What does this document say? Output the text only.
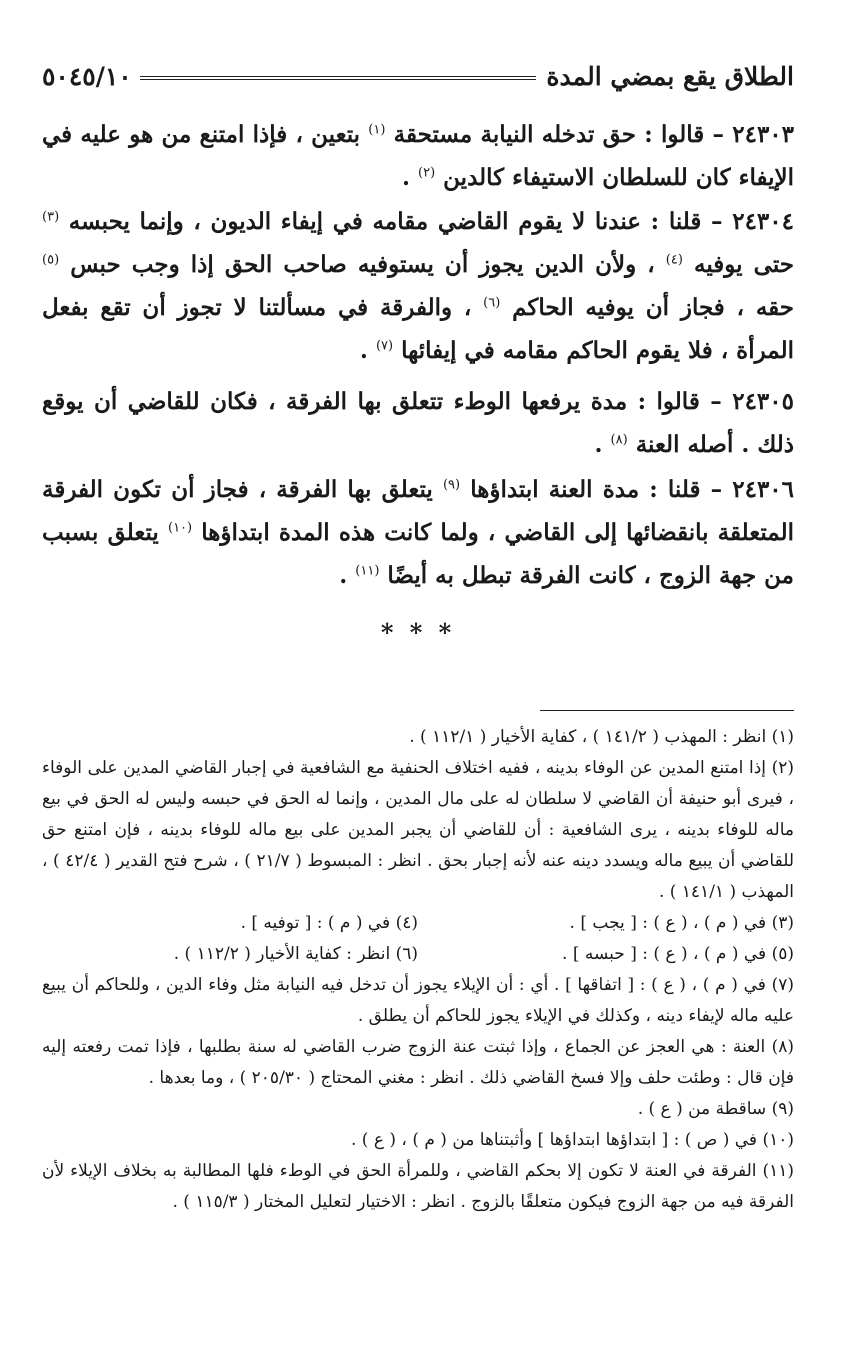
الطلاق يقع بمضي المدة
٥٠٤٥/١٠
٢٤٣٠٣ – قالوا : حق تدخله النيابة مستحقة $^{(١)}$ بتعين ، فإذا امتنع من هو عليه في الإيفاء كان للسلطان الاستيفاء كالدين $^{(٢)}$ .
٢٤٣٠٤ – قلنا : عندنا لا يقوم القاضي مقامه في إيفاء الديون ، وإنما يحبسه $^{(٣)}$ حتى يوفيه $^{(٤)}$ ، ولأن الدين يجوز أن يستوفيه صاحب الحق إذا وجب حبس $^{(٥)}$ حقه ، فجاز أن يوفيه الحاكم $^{(٦)}$ ، والفرقة في مسألتنا لا تجوز أن تقع بفعل المرأة ، فلا يقوم الحاكم مقامه في إيفائها $^{(٧)}$ .
٢٤٣٠٥ – قالوا : مدة يرفعها الوطء تتعلق بها الفرقة ، فكان للقاضي أن يوقع ذلك . أصله العنة $^{(٨)}$ .
٢٤٣٠٦ – قلنا : مدة العنة ابتداؤها $^{(٩)}$ يتعلق بها الفرقة ، فجاز أن تكون الفرقة المتعلقة بانقضائها إلى القاضي ، ولما كانت هذه المدة ابتداؤها $^{(١٠)}$ يتعلق بسبب من جهة الزوج ، كانت الفرقة تبطل به أيضًا $^{(١١)}$ .
* * *
(١) انظر : المهذب ( ١٤١/٢ ) ، كفاية الأخيار ( ١١٢/١ ) .
(٢) إذا امتنع المدين عن الوفاء بدينه ، ففيه اختلاف الحنفية مع الشافعية في إجبار القاضي المدين على الوفاء ، فيرى أبو حنيفة أن القاضي لا سلطان له على مال المدين ، وإنما له الحق في حبسه وليس له الحق في بيع ماله للوفاء بدينه ، يرى الشافعية : أن للقاضي أن يجبر المدين على بيع ماله للوفاء بدينه ، فإن امتنع حق للقاضي أن يبيع ماله ويسدد دينه عنه لأنه إجبار بحق . انظر : المبسوط ( ٢١/٧ ) ، شرح فتح القدير ( ٤٢/٤ ) ، المهذب ( ١٤١/١ ) .
(٣) في ( م ) ، ( ع ) : [ يجب ] .
(٤) في ( م ) : [ توفيه ] .
(٥) في ( م ) ، ( ع ) : [ حبسه ] .
(٦) انظر : كفاية الأخيار ( ١١٢/٢ ) .
(٧) في ( م ) ، ( ع ) : [ اتفاقها ] . أي : أن الإيلاء يجوز أن تدخل فيه النيابة مثل وفاء الدين ، وللحاكم أن يبيع عليه ماله لإيفاء دينه ، وكذلك في الإيلاء يجوز للحاكم أن يطلق .
(٨) العنة : هي العجز عن الجماع ، وإذا ثبتت عنة الزوج ضرب القاضي له سنة بطلبها ، فإذا تمت رفعته إليه فإن قال : وطئت حلف وإلا فسخ القاضي ذلك . انظر : مغني المحتاج ( ٢٠٥/٣٠ ) ، وما بعدها .
(٩) ساقطة من ( ع ) .
(١٠) في ( ص ) : [ ابتداؤها ابتداؤها ] وأثبتناها من ( م ) ، ( ع ) .
(١١) الفرقة في العنة لا تكون إلا بحكم القاضي ، وللمرأة الحق في الوطء فلها المطالبة به بخلاف الإيلاء لأن الفرقة فيه من جهة الزوج فيكون متعلقًا بالزوج . انظر : الاختيار لتعليل المختار ( ١١٥/٣ ) .
